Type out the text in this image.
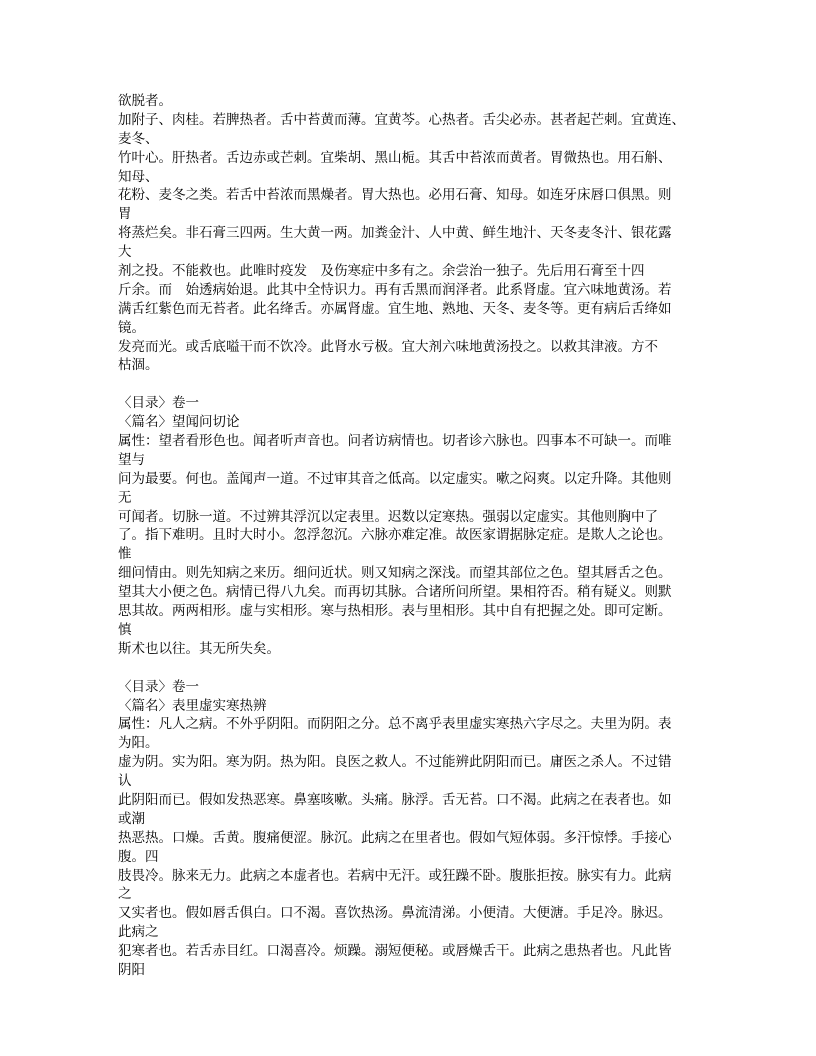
欲脱者。
加附子、肉桂。若脾热者。舌中苔黄而薄。宜黄芩。心热者。舌尖必赤。甚者起芒刺。宜黄连、
麦冬、
竹叶心。肝热者。舌边赤或芒刺。宜柴胡、黑山栀。其舌中苔浓而黄者。胃微热也。用石斛、
知母、
花粉、麦冬之类。若舌中苔浓而黑燥者。胃大热也。必用石膏、知母。如连牙床唇口俱黑。则
胃
将蒸烂矣。非石膏三四两。生大黄一两。加粪金汁、人中黄、鲜生地汁、天冬麦冬汁、银花露
大
剂之投。不能救也。此唯时疫发　及伤寒症中多有之。余尝治一独子。先后用石膏至十四
斤余。而　始透病始退。此其中全恃识力。再有舌黑而润泽者。此系肾虚。宜六味地黄汤。若
满舌红紫色而无苔者。此名绛舌。亦属肾虚。宜生地、熟地、天冬、麦冬等。更有病后舌绛如
镜。
发亮而光。或舌底嗌干而不饮冷。此肾水亏极。宜大剂六味地黄汤投之。以救其津液。方不
枯涸。
〈目录〉卷一
〈篇名〉望闻问切论
属性：望者看形色也。闻者听声音也。问者访病情也。切者诊六脉也。四事本不可缺一。而唯
望与
问为最要。何也。盖闻声一道。不过审其音之低高。以定虚实。嗽之闷爽。以定升降。其他则
无
可闻者。切脉一道。不过辨其浮沉以定表里。迟数以定寒热。强弱以定虚实。其他则胸中了
了。指下难明。且时大时小。忽浮忽沉。六脉亦难定准。故医家谓据脉定症。是欺人之论也。
惟
细问情由。则先知病之来历。细问近状。则又知病之深浅。而望其部位之色。望其唇舌之色。
望其大小便之色。病情已得八九矣。而再切其脉。合诸所问所望。果相符否。稍有疑义。则默
思其故。两两相形。虚与实相形。寒与热相形。表与里相形。其中自有把握之处。即可定断。
慎
斯术也以往。其无所失矣。
〈目录〉卷一
〈篇名〉表里虚实寒热辨
属性：凡人之病。不外乎阴阳。而阴阳之分。总不离乎表里虚实寒热六字尽之。夫里为阴。表
为阳。
虚为阴。实为阳。寒为阴。热为阳。良医之救人。不过能辨此阴阳而已。庸医之杀人。不过错
认
此阴阳而已。假如发热恶寒。鼻塞咳嗽。头痛。脉浮。舌无苔。口不渴。此病之在表者也。如
或潮
热恶热。口燥。舌黄。腹痛便涩。脉沉。此病之在里者也。假如气短体弱。多汗惊悸。手接心
腹。四
肢畏冷。脉来无力。此病之本虚者也。若病中无汗。或狂躁不卧。腹胀拒按。脉实有力。此病
之
又实者也。假如唇舌俱白。口不渴。喜饮热汤。鼻流清涕。小便清。大便溏。手足冷。脉迟。
此病之
犯寒者也。若舌赤目红。口渴喜冷。烦躁。溺短便秘。或唇燥舌干。此病之患热者也。凡此皆
阴阳
